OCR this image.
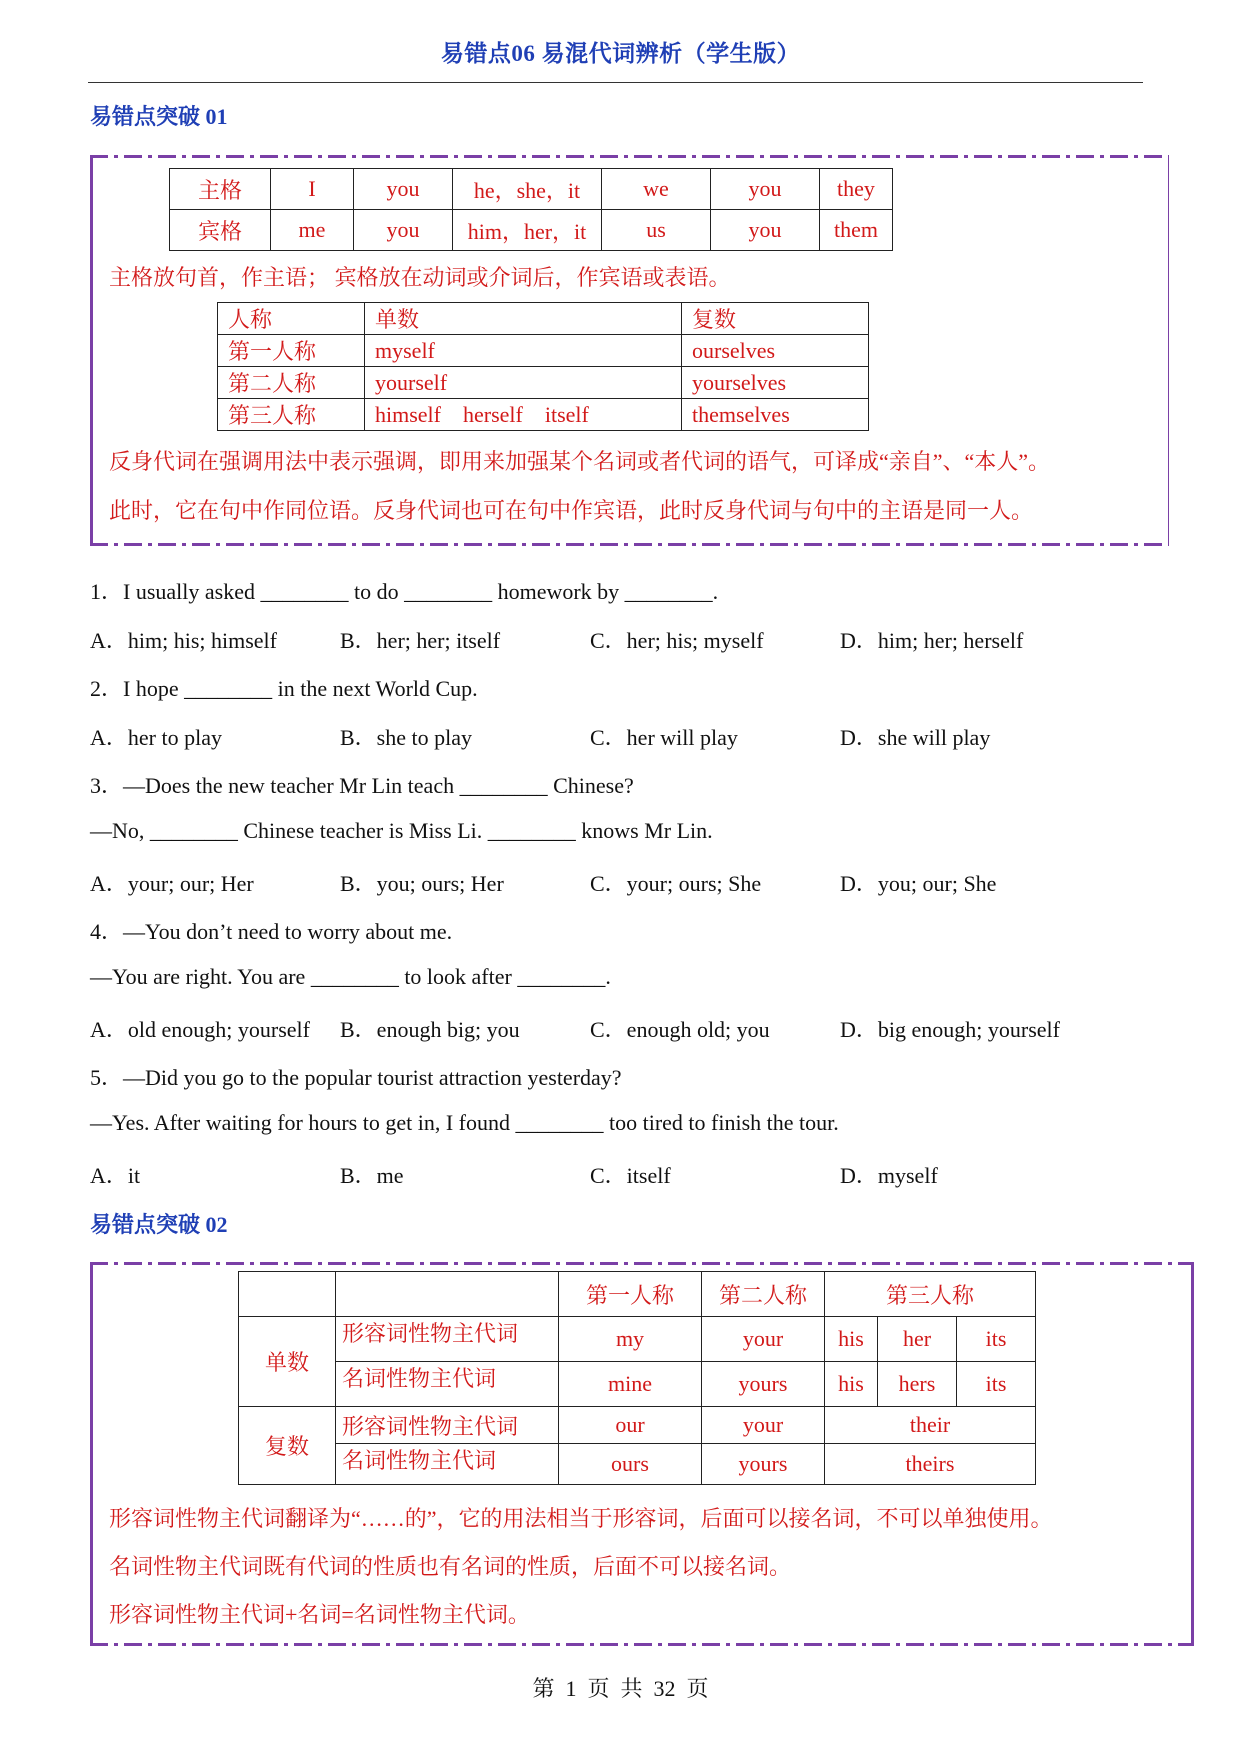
易错点06 易混代词辨析（学生版）
易错点突破 01
主格	I	you	he，she，it	we	you	they
宾格	me	you	him，her，it	us	you	them
主格放句首，作主语； 宾格放在动词或介词后，作宾语或表语。
人称	单数	复数
第一人称	myself	ourselves
第二人称	yourself	yourselves
第三人称	himself    herself    itself	themselves
反身代词在强调用法中表示强调，即用来加强某个名词或者代词的语气，可译成“亲自”、“本人”。
此时，它在句中作同位语。反身代词也可在句中作宾语，此时反身代词与句中的主语是同一人。
1．I usually asked ________ to do ________ homework by ________.
A．him; his; himself	B．her; her; itself	C．her; his; myself	D．him; her; herself
2．I hope ________ in the next World Cup.
A．her to play	B．she to play	C．her will play	D．she will play
3．—Does the new teacher Mr Lin teach ________ Chinese?
—No, ________ Chinese teacher is Miss Li. ________ knows Mr Lin.
A．your; our; Her	B．you; ours; Her	C．your; ours; She	D．you; our; She
4．—You don’t need to worry about me.
—You are right. You are ________ to look after ________.
A．old enough; yourself B．enough big; you	C．enough old; you	D．big enough; yourself
5．—Did you go to the popular tourist attraction yesterday?
—Yes. After waiting for hours to get in, I found ________ too tired to finish the tour.
A．it	B．me	C．itself	D．myself
易错点突破 02
		第一人称	第二人称	第三人称		
单数	形容词性物主代词	my	your	his	her	its
	名词性物主代词	mine	yours	his	hers	its
复数	形容词性物主代词	our	your	their		
	名词性物主代词	ours	yours	theirs		
形容词性物主代词翻译为“……的”，它的用法相当于形容词，后面可以接名词，不可以单独使用。
名词性物主代词既有代词的性质也有名词的性质，后面不可以接名词。
形容词性物主代词+名词=名词性物主代词。
第  1  页  共  32  页
